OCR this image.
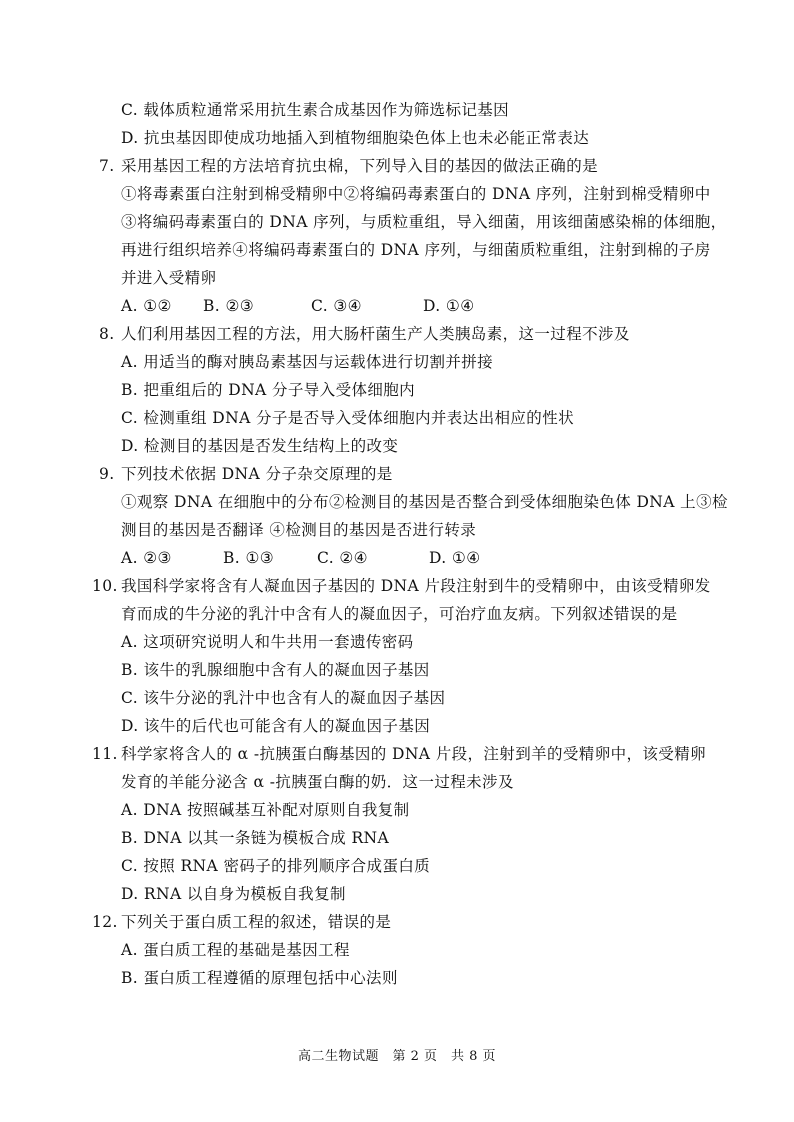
C. 载体质粒通常采用抗生素合成基因作为筛选标记基因
D. 抗虫基因即使成功地插入到植物细胞染色体上也未必能正常表达
7. 采用基因工程的方法培育抗虫棉，下列导入目的基因的做法正确的是
①将毒素蛋白注射到棉受精卵中②将编码毒素蛋白的 DNA 序列，注射到棉受精卵中
③将编码毒素蛋白的 DNA 序列，与质粒重组，导入细菌，用该细菌感染棉的体细胞，
再进行组织培养④将编码毒素蛋白的 DNA 序列，与细菌质粒重组，注射到棉的子房
并进入受精卵
A. ①② B. ②③	C. ③④	D. ①④
8. 人们利用基因工程的方法，用大肠杆菌生产人类胰岛素，这一过程不涉及
A. 用适当的酶对胰岛素基因与运载体进行切割并拼接
B. 把重组后的 DNA 分子导入受体细胞内
C. 检测重组 DNA 分子是否导入受体细胞内并表达出相应的性状
D. 检测目的基因是否发生结构上的改变
9. 下列技术依据 DNA 分子杂交原理的是
①观察 DNA 在细胞中的分布②检测目的基因是否整合到受体细胞染色体 DNA 上③检
测目的基因是否翻译 ④检测目的基因是否进行转录
A. ②③	B. ①③	C. ②④	D. ①④
10. 我国科学家将含有人凝血因子基因的 DNA 片段注射到牛的受精卵中，由该受精卵发
育而成的牛分泌的乳汁中含有人的凝血因子，可治疗血友病。下列叙述错误的是
A. 这项研究说明人和牛共用一套遗传密码
B. 该牛的乳腺细胞中含有人的凝血因子基因
C. 该牛分泌的乳汁中也含有人的凝血因子基因
D. 该牛的后代也可能含有人的凝血因子基因
11. 科学家将含人的 α -抗胰蛋白酶基因的 DNA 片段，注射到羊的受精卵中，该受精卵
发育的羊能分泌含 α -抗胰蛋白酶的奶．这一过程未涉及
A. DNA 按照碱基互补配对原则自我复制
B. DNA 以其一条链为模板合成 RNA
C. 按照 RNA 密码子的排列顺序合成蛋白质
D. RNA 以自身为模板自我复制
12. 下列关于蛋白质工程的叙述，错误的是
A. 蛋白质工程的基础是基因工程
B. 蛋白质工程遵循的原理包括中心法则
高二生物试题　第 2 页　共 8 页
